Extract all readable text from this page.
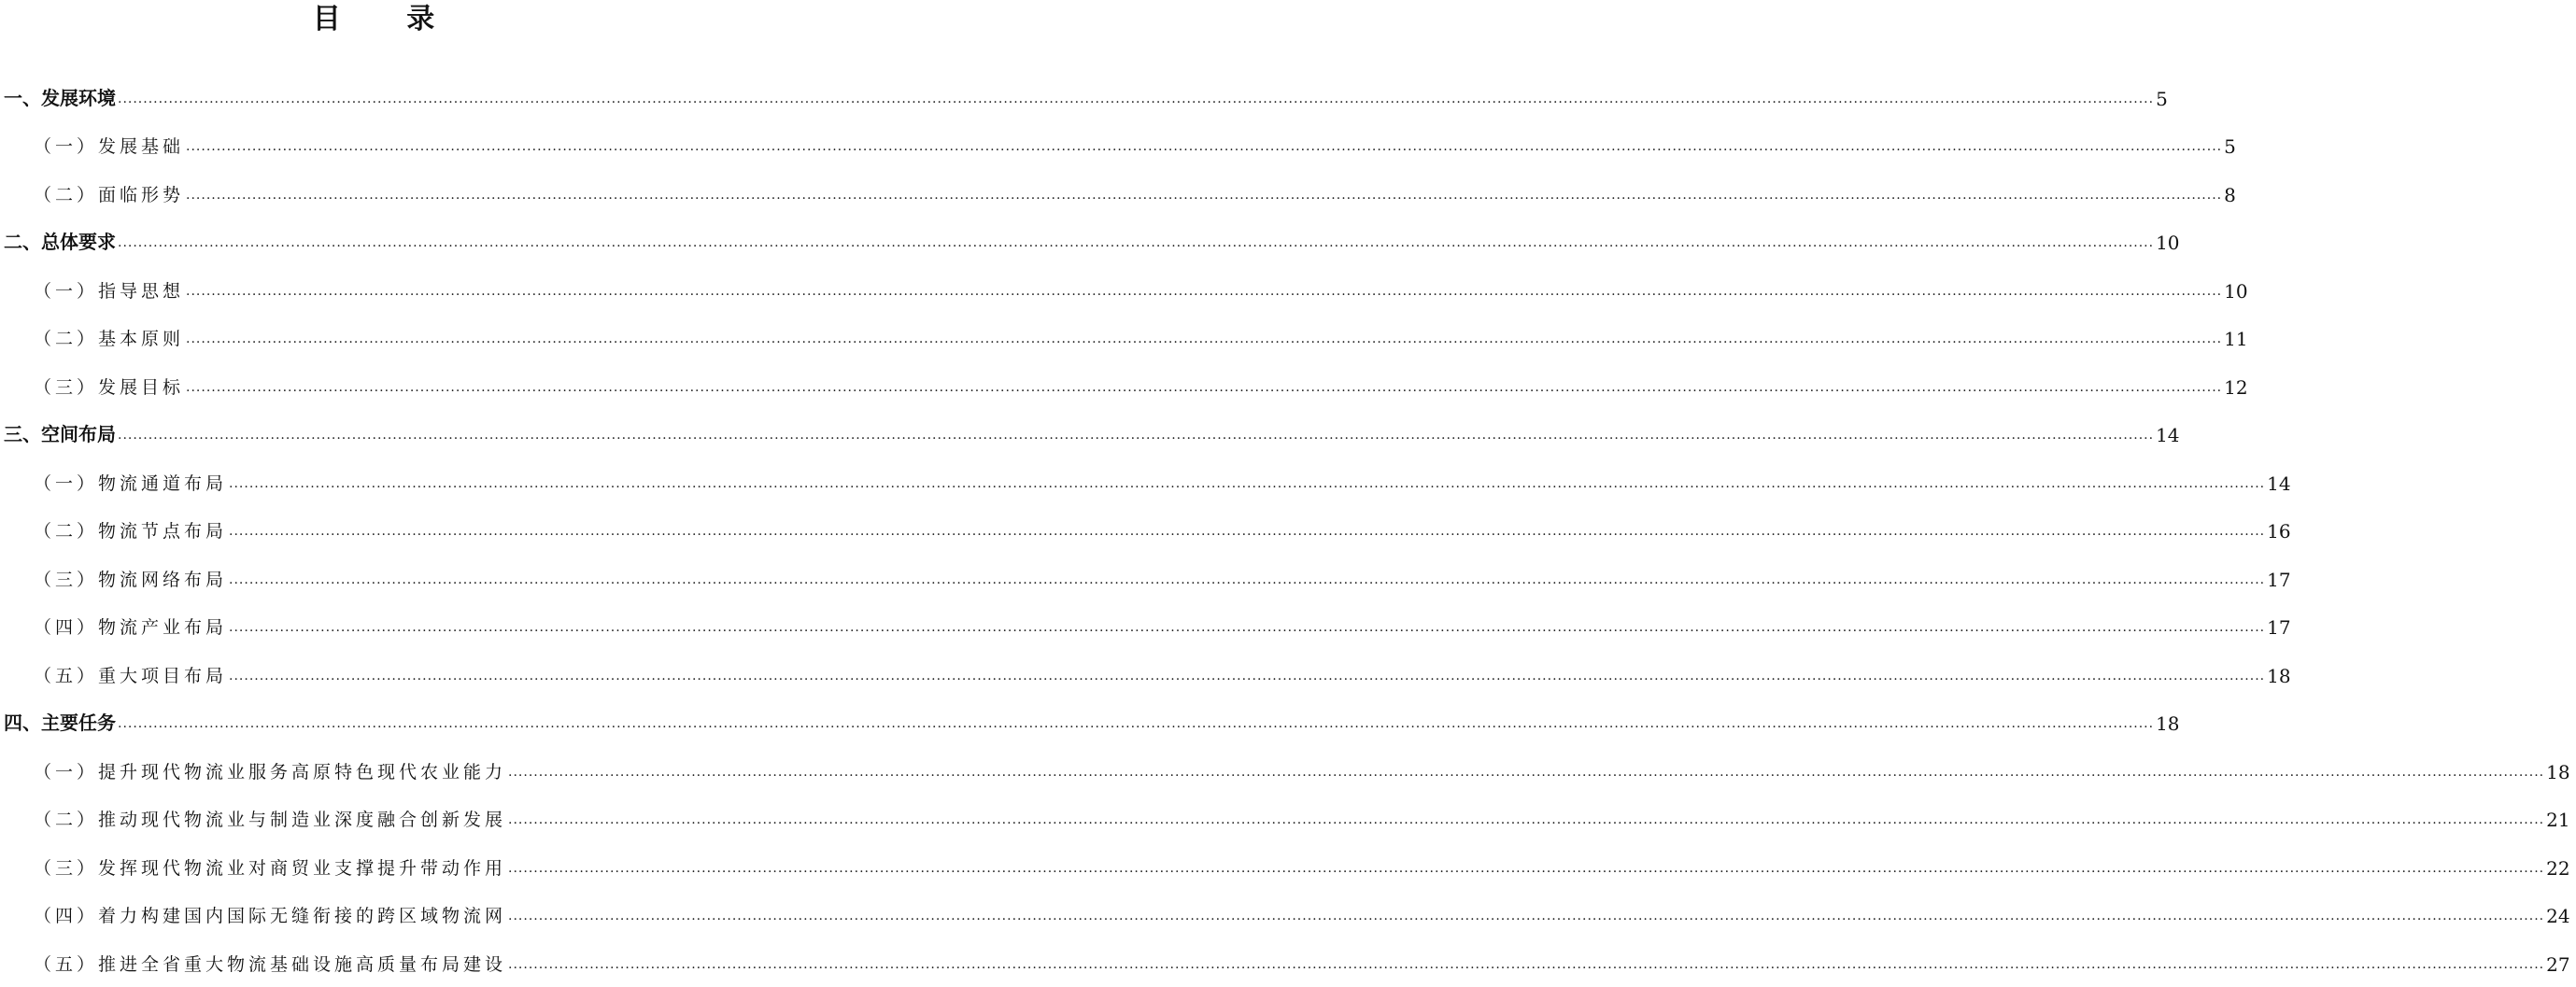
目 录
一、发展环境 ................................................................................................................................................................................................................................................................................................................................................................................................................ 5
（一）发展基础 ................................................................................................................................................................................................................................................................................................................................................................................................................ 5
（二）面临形势 ................................................................................................................................................................................................................................................................................................................................................................................................................ 8
二、总体要求 ................................................................................................................................................................................................................................................................................................................................................................................................................ 10
（一）指导思想 ................................................................................................................................................................................................................................................................................................................................................................................................................ 10
（二）基本原则 ................................................................................................................................................................................................................................................................................................................................................................................................................ 11
（三）发展目标 ................................................................................................................................................................................................................................................................................................................................................................................................................ 12
三、空间布局 ................................................................................................................................................................................................................................................................................................................................................................................................................ 14
（一）物流通道布局 ................................................................................................................................................................................................................................................................................................................................................................................................................ 14
（二）物流节点布局 ................................................................................................................................................................................................................................................................................................................................................................................................................ 16
（三）物流网络布局 ................................................................................................................................................................................................................................................................................................................................................................................................................ 17
（四）物流产业布局 ................................................................................................................................................................................................................................................................................................................................................................................................................ 17
（五）重大项目布局 ................................................................................................................................................................................................................................................................................................................................................................................................................ 18
四、主要任务 ................................................................................................................................................................................................................................................................................................................................................................................................................ 18
（一）提升现代物流业服务高原特色现代农业能力 ................................................................................................................................................................................................................................................................................................................................................................................................................ 18
（二）推动现代物流业与制造业深度融合创新发展 ................................................................................................................................................................................................................................................................................................................................................................................................................ 21
（三）发挥现代物流业对商贸业支撑提升带动作用 ................................................................................................................................................................................................................................................................................................................................................................................................................ 22
（四）着力构建国内国际无缝衔接的跨区域物流网 ................................................................................................................................................................................................................................................................................................................................................................................................................ 24
（五）推进全省重大物流基础设施高质量布局建设 ................................................................................................................................................................................................................................................................................................................................................................................................................ 27
